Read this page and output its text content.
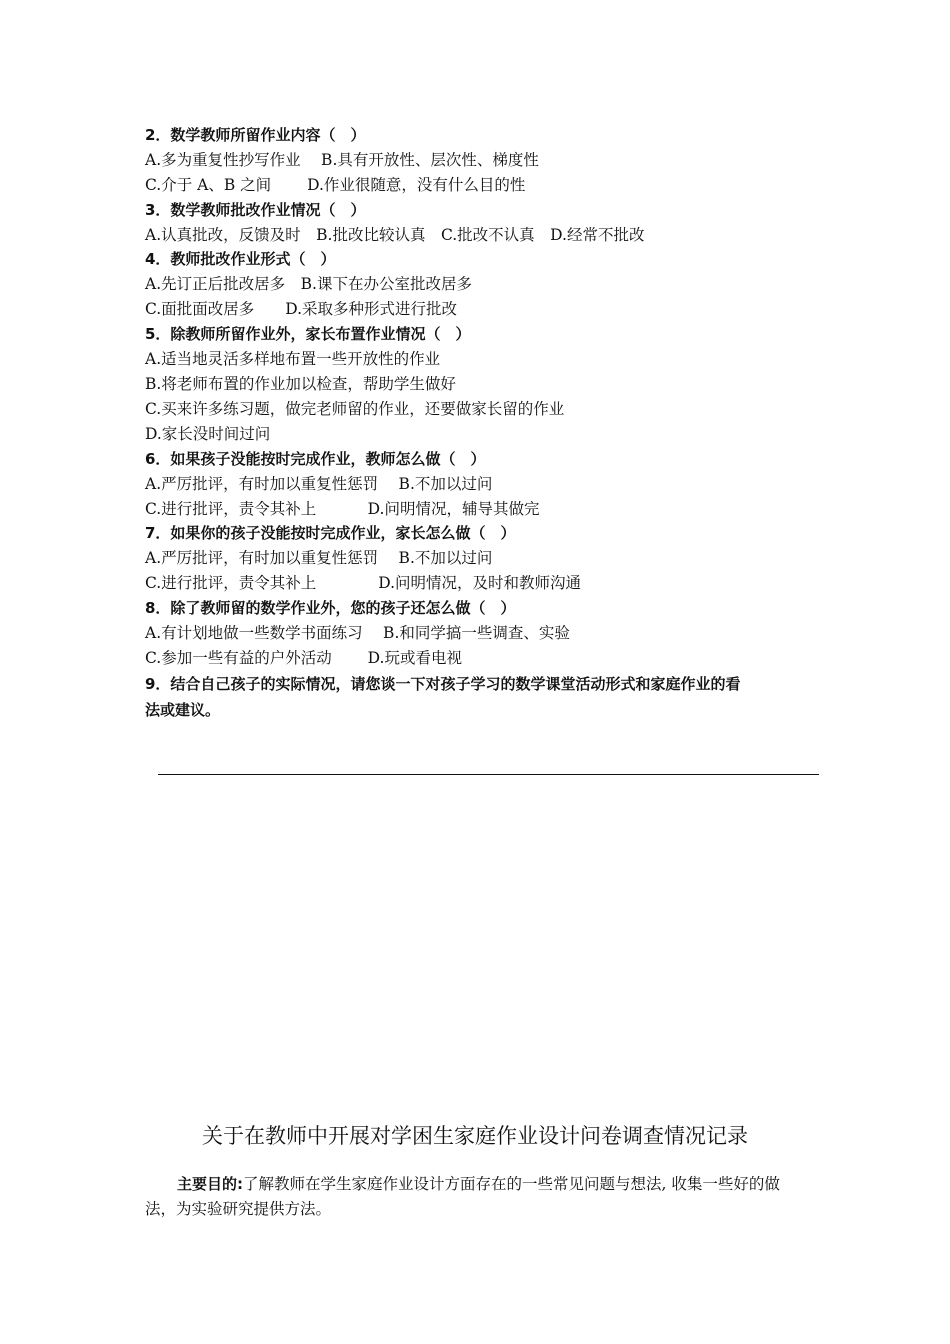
2．数学教师所留作业内容（　）
A.多为重复性抄写作业　 B.具有开放性、层次性、梯度性
C.介于 A、B 之间　　 D.作业很随意，没有什么目的性
3．数学教师批改作业情况（　）
A.认真批改，反馈及时　B.批改比较认真　C.批改不认真　D.经常不批改
4．教师批改作业形式（　）
A.先订正后批改居多　B.课下在办公室批改居多
C.面批面改居多　　D.采取多种形式进行批改
5．除教师所留作业外，家长布置作业情况（　）
A.适当地灵活多样地布置一些开放性的作业
B.将老师布置的作业加以检查，帮助学生做好
C.买来许多练习题，做完老师留的作业，还要做家长留的作业
D.家长没时间过问
6．如果孩子没能按时完成作业，教师怎么做（　）
A.严厉批评，有时加以重复性惩罚　 B.不加以过问
C.进行批评，责令其补上　　　 D.问明情况，辅导其做完
7．如果你的孩子没能按时完成作业，家长怎么做（　）
A.严厉批评，有时加以重复性惩罚　 B.不加以过问
C.进行批评，责令其补上　　　　D.问明情况，及时和教师沟通
8．除了教师留的数学作业外，您的孩子还怎么做（　）
A.有计划地做一些数学书面练习　 B.和同学搞一些调查、实验
C.参加一些有益的户外活动　　 D.玩或看电视
9．结合自己孩子的实际情况，请您谈一下对孩子学习的数学课堂活动形式和家庭作业的看
法或建议。
关于在教师中开展对学困生家庭作业设计问卷调查情况记录
主要目的:了解教师在学生家庭作业设计方面存在的一些常见问题与想法, 收集一些好的做法，为实验研究提供方法。
